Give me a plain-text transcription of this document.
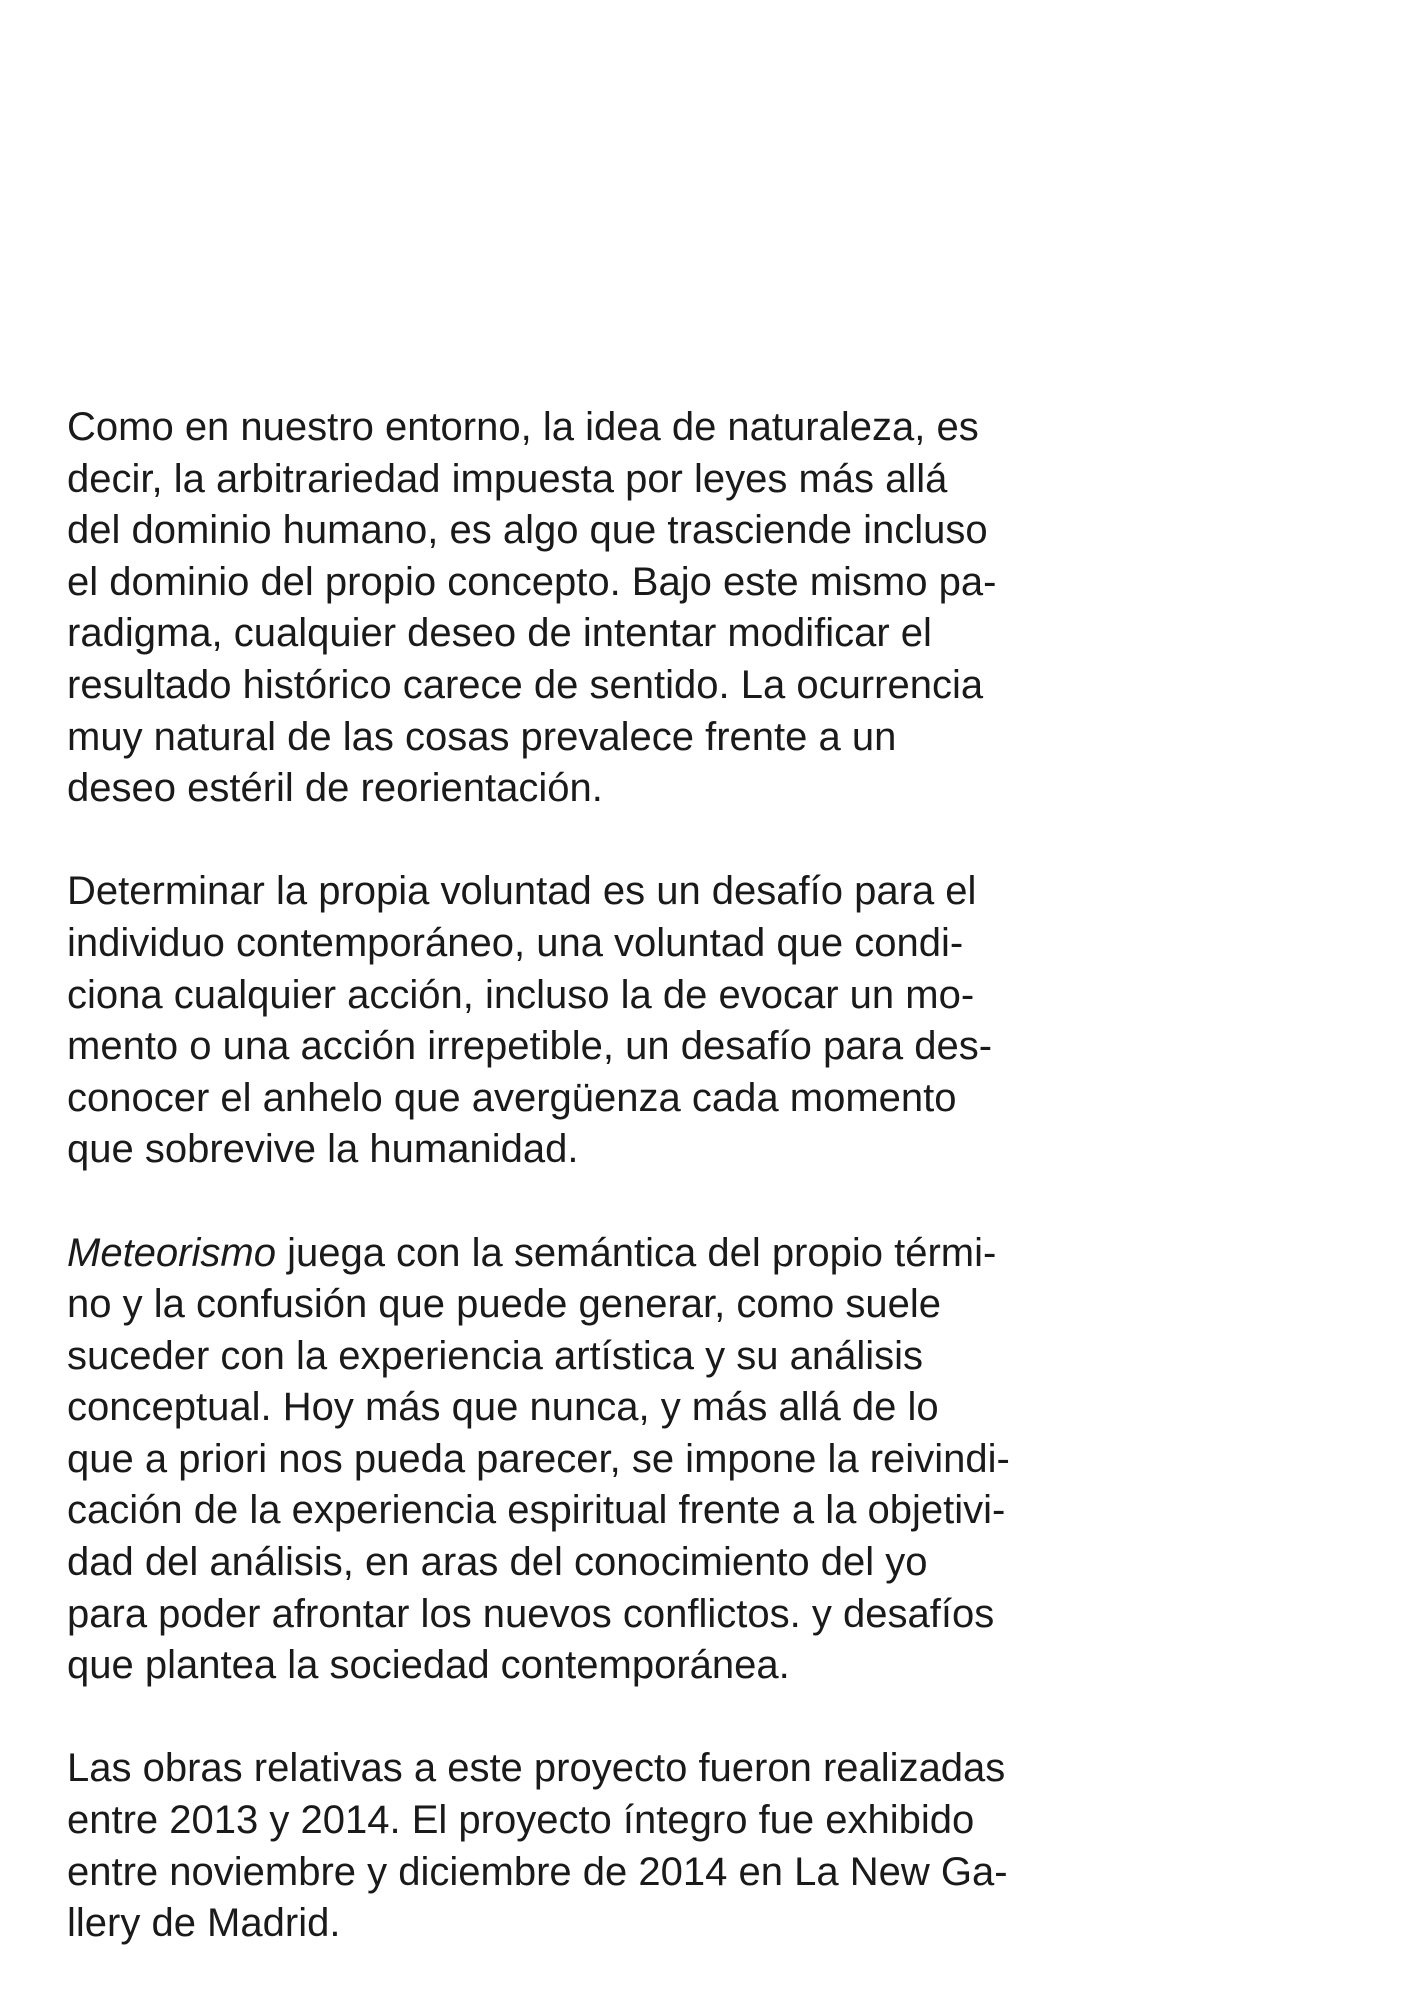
Como en nuestro entorno, la idea de naturaleza, es
decir, la arbitrariedad impuesta por leyes más allá
del dominio humano, es algo que trasciende incluso
el dominio del propio concepto. Bajo este mismo pa-
radigma, cualquier deseo de intentar modificar el
resultado histórico carece de sentido. La ocurrencia
muy natural de las cosas prevalece frente a un
deseo estéril de reorientación.
Determinar la propia voluntad es un desafío para el
individuo contemporáneo, una voluntad que condi-
ciona cualquier acción, incluso la de evocar un mo-
mento o una acción irrepetible, un desafío para des-
conocer el anhelo que avergüenza cada momento
que sobrevive la humanidad.
Meteorismo juega con la semántica del propio térmi-
no y la confusión que puede generar, como suele
suceder con la experiencia artística y su análisis
conceptual. Hoy más que nunca, y más allá de lo
que a priori nos pueda parecer, se impone la reivindi-
cación de la experiencia espiritual frente a la objetivi-
dad del análisis, en aras del conocimiento del yo
para poder afrontar los nuevos conflictos. y desafíos
que plantea la sociedad contemporánea.
Las obras relativas a este proyecto fueron realizadas
entre 2013 y 2014. El proyecto íntegro fue exhibido
entre noviembre y diciembre de 2014 en La New Ga-
llery de Madrid.
